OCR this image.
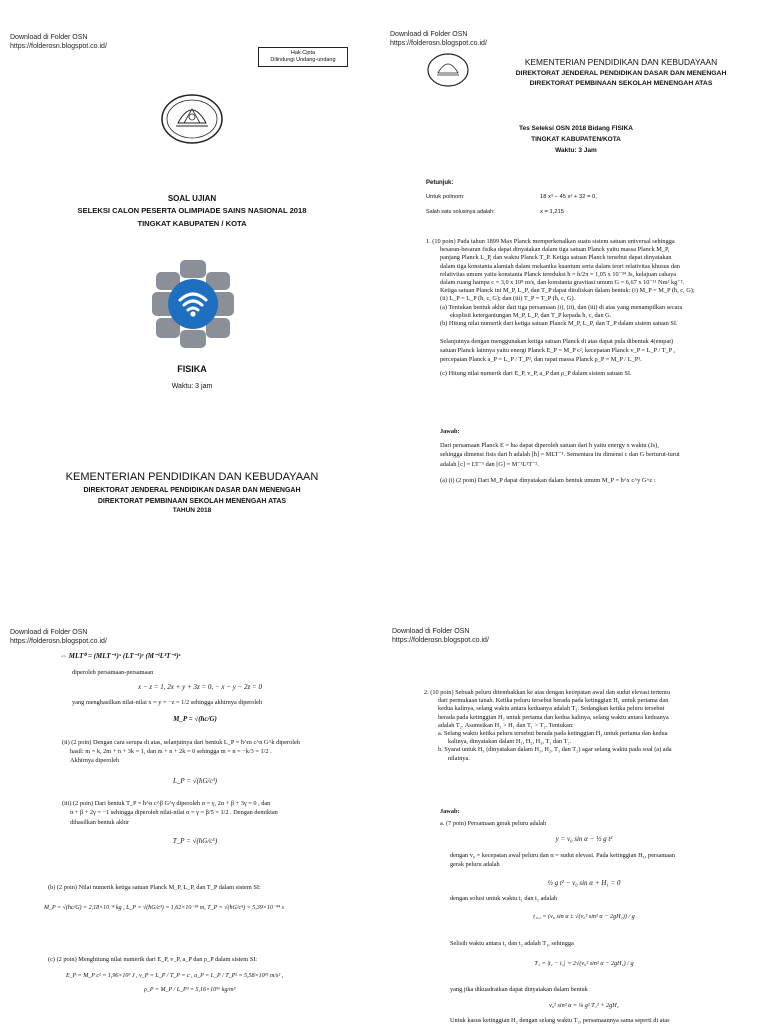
Download di Folder OSN
https://folderosn.blogspot.co.id/
Hak Cipta
Dilindungi Undang-undang
SOAL UJIAN
SELEKSI CALON PESERTA OLIMPIADE SAINS NASIONAL 2018
TINGKAT KABUPATEN / KOTA
FISIKA
Waktu: 3 jam
KEMENTERIAN PENDIDIKAN DAN KEBUDAYAAN
DIREKTORAT JENDERAL PENDIDIKAN DASAR DAN MENENGAH
DIREKTORAT PEMBINAAN SEKOLAH MENENGAH ATAS
TAHUN 2018
Download di Folder OSN
https://folderosn.blogspot.co.id/
KEMENTERIAN PENDIDIKAN DAN KEBUDAYAAN
DIREKTORAT JENDERAL PENDIDIKAN DASAR DAN MENENGAH
DIREKTORAT PEMBINAAN SEKOLAH MENENGAH ATAS
Tes Seleksi OSN 2018 Bidang FISIKA
TINGKAT KABUPATEN/KOTA
Waktu: 3 Jam
Petunjuk:
Untuk polinom:	18 x³ − 45 x² + 32 = 0,
Salah satu solusinya adalah:	x = 1,215
1. (10 poin) Pada tahun 1899 Max Planck memperkenalkan suatu sistem satuan universal sehingga
besaran-besaran fisika dapat dinyatakan dalam tiga satuan Planck yaitu massa Planck M_P,
panjang Planck L_P, dan waktu Planck T_P. Ketiga satuan Planck tersebut dapat dinyatakan
dalam tiga konstanta alamiah dalam mekanika kuantum serta dalam teori relativitas khusus dan
relativitas umum yaitu konstanta Planck tereduksi ħ = h/2π = 1,05 x 10⁻³⁴ Js, kelajuan cahaya
dalam ruang hampa c = 3,0 x 10⁸ m/s, dan konstanta gravitasi umum G = 6,67 x 10⁻¹¹ Nm² kg⁻².
Ketiga satuan Planck ini M_P, L_P, dan T_P dapat dituliskan dalam bentuk: (i) M_P = M_P (ħ, c, G);
(ii) L_P = L_P (ħ, c, G); dan (iii) T_P = T_P (ħ, c, G).
(a) Tentukan bentuk akhir dari tiga persamaan (i), (ii), dan (iii) di atas yang menampilkan secara
eksplisit ketergantungan M_P, L_P, dan T_P kepada ħ, c, dan G.
(b) Hitung nilai numerik dari ketiga satuan Planck M_P, L_P, dan T_P dalam sistem satuan SI.
Selanjutnya dengan menggunakan ketiga satuan Planck di atas dapat pula dibentuk 4(empat)
satuan Planck lainnya yaitu energi Planck E_P = M_P c², kecepatan Planck v_P = L_P / T_P ,
percepatan Planck a_P = L_P / T_P², dan rapat massa Planck ρ_P = M_P / L_P³.
(c) Hitung nilai numerik dari E_P, v_P, a_P dan ρ_P dalam sistem satuan SI.
Jawab:
Dari persamaan Planck E = ħω dapat diperoleh satuan dari ħ yaitu energy x waktu (Js),
sehingga dimensi fisis dari ħ adalah [ħ] = MLT⁻¹. Sementara itu dimensi c dan G berturut-turut
adalah [c] = LT⁻¹ dan [G] = M⁻¹L³T⁻².
(a) (i) (2 poin) Dari M_P dapat dinyatakan dalam bentuk umum M_P = ħ^x c^y G^z :
Download di Folder OSN
https://folderosn.blogspot.co.id/
⇔ MLT⁰ = (MLT⁻¹)ˣ (LT⁻¹)ʸ (M⁻¹L³T⁻²)ᶻ
diperoleh persamaan-persamaan
x − z = 1, 2x + y + 3z = 0, − x − y − 2z = 0
yang menghasilkan nilai-nilai x = y = −z = 1/2 sehingga akhirnya diperoleh
M_P = √(ħc/G)
(ii) (2 poin) Dengan cara serupa di atas, selanjutnya dari bentuk L_P = ħ^m c^n G^k diperoleh
hasil: m = k, 2m + n + 3k = 1, dan m + n + 2k = 0 sehingga m = n = −k/3 = 1/2 .
Akhirnya diperoleh
L_P = √(ħG/c³)
(iii) (2 poin) Dari bentuk T_P = ħ^α c^β G^γ diperoleh α = γ, 2α + β + 3γ = 0 , dan
α + β + 2γ = −1 sehingga diperoleh nilai-nilai α = γ = β/5 = 1/2 . Dengan demikian
dihasilkan bentuk akhir
T_P = √(ħG/c⁵)
(b) (2 poin) Nilai numerik ketiga satuan Planck M_P, L_P, dan T_P dalam sistem SI:
M_P = √(ħc/G) = 2,18×10⁻⁸ kg , L_P = √(ħG/c³) = 1,62×10⁻³⁵ m, T_P = √(ħG/c⁵) = 5,39×10⁻⁴⁴ s
(c) (2 poin) Menghitung nilai numerik dari E_P, v_P, a_P dan ρ_P dalam sistem SI:
E_P = M_P c² = 1,96×10⁹ J , v_P = L_P / T_P = c , a_P = L_P / T_P² = 5,58×10⁵¹ m/s² ,
ρ_P = M_P / L_P³ = 5,16×10⁹⁶ kg/m³
Download di Folder OSN
https://folderosn.blogspot.co.id/
2. (10 poin) Sebuah peluru ditembakkan ke atas dengan kecepatan awal dan sudut elevasi tertentu
dari permukaan tanah. Ketika peluru tersebut berada pada ketinggian H₁ untuk pertama dan
kedua kalinya, selang waktu antara keduanya adalah T₁. Sedangkan ketika peluru tersebut
berada pada ketinggian H₂ untuk pertama dan kedua kalinya, selang waktu antara keduanya
adalah T₂. Asumsikan H₂ > H₁ dan T₁ > T₂. Tentukan:
a. Selang waktu ketika peluru tersebut berada pada ketinggian H₃ untuk pertama dan kedua
kalinya, dinyatakan dalam H₁, H₂, H₃, T₁ dan T₂.
b. Syarat untuk H₃ (dinyatakan dalam H₁, H₂, T₁ dan T₂) agar selang waktu pada soal (a) ada
nilainya.
Jawab:
a. (7 poin) Persamaan gerak peluru adalah
y = v₀ sin α − ½ g t²
dengan v₀ = kecepatan awal peluru dan α = sudut elevasi. Pada ketinggian H₁, persamaan
gerak peluru adalah
½ g t² − v₀ sin α + H₁ = 0
dengan solusi untuk waktu t₁ dan t₂ adalah
t₁,₂ = (v₀ sin α ± √(v₀² sin² α − 2gH₁)) / g
Selisih waktu antara t₁ dan t₂ adalah T₁, sehingga
T₁ = |t₁ − t₂| = 2√(v₀² sin² α − 2gH₁) / g
yang jika dikuadratkan dapat dinyatakan dalam bentuk
v₀² sin² α = ⅛ g² T₁² + 2gH₁
Untuk kasus ketinggian H₂ dengan selang waktu T₂, persamaannya sama seperti di atas
